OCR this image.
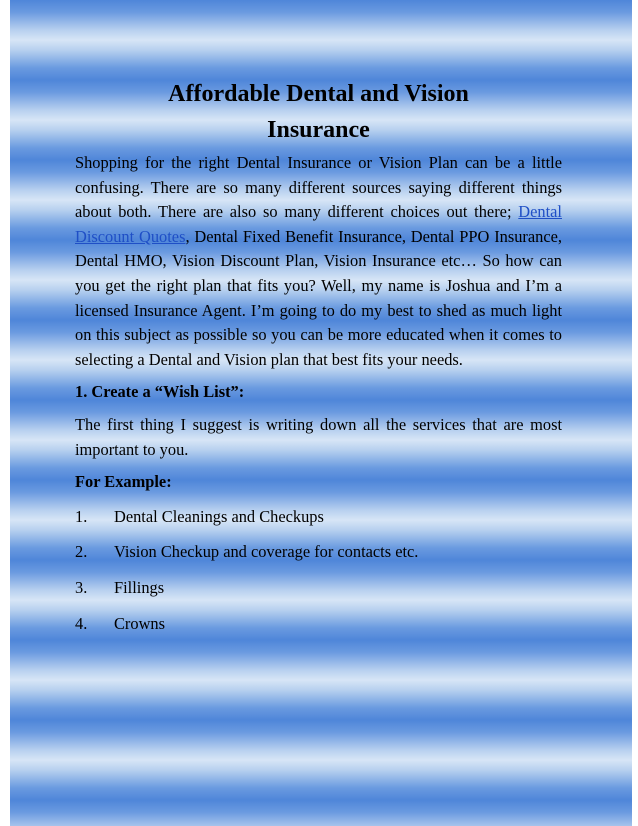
Affordable Dental and Vision Insurance

Shopping for the right Dental Insurance or Vision Plan can be a little confusing. There are so many different sources saying different things about both. There are also so many different choices out there; Dental Discount Quotes, Dental Fixed Benefit Insurance, Dental PPO Insurance, Dental HMO, Vision Discount Plan, Vision Insurance etc… So how can you get the right plan that fits you? Well, my name is Joshua and I’m a licensed Insurance Agent. I’m going to do my best to shed as much light on this subject as possible so you can be more educated when it comes to selecting a Dental and Vision plan that best fits your needs.

1. Create a “Wish List”:

The first thing I suggest is writing down all the services that are most important to you.

For Example:

1.	Dental Cleanings and Checkups
2.	Vision Checkup and coverage for contacts etc.
3.	Fillings
4.	Crowns
